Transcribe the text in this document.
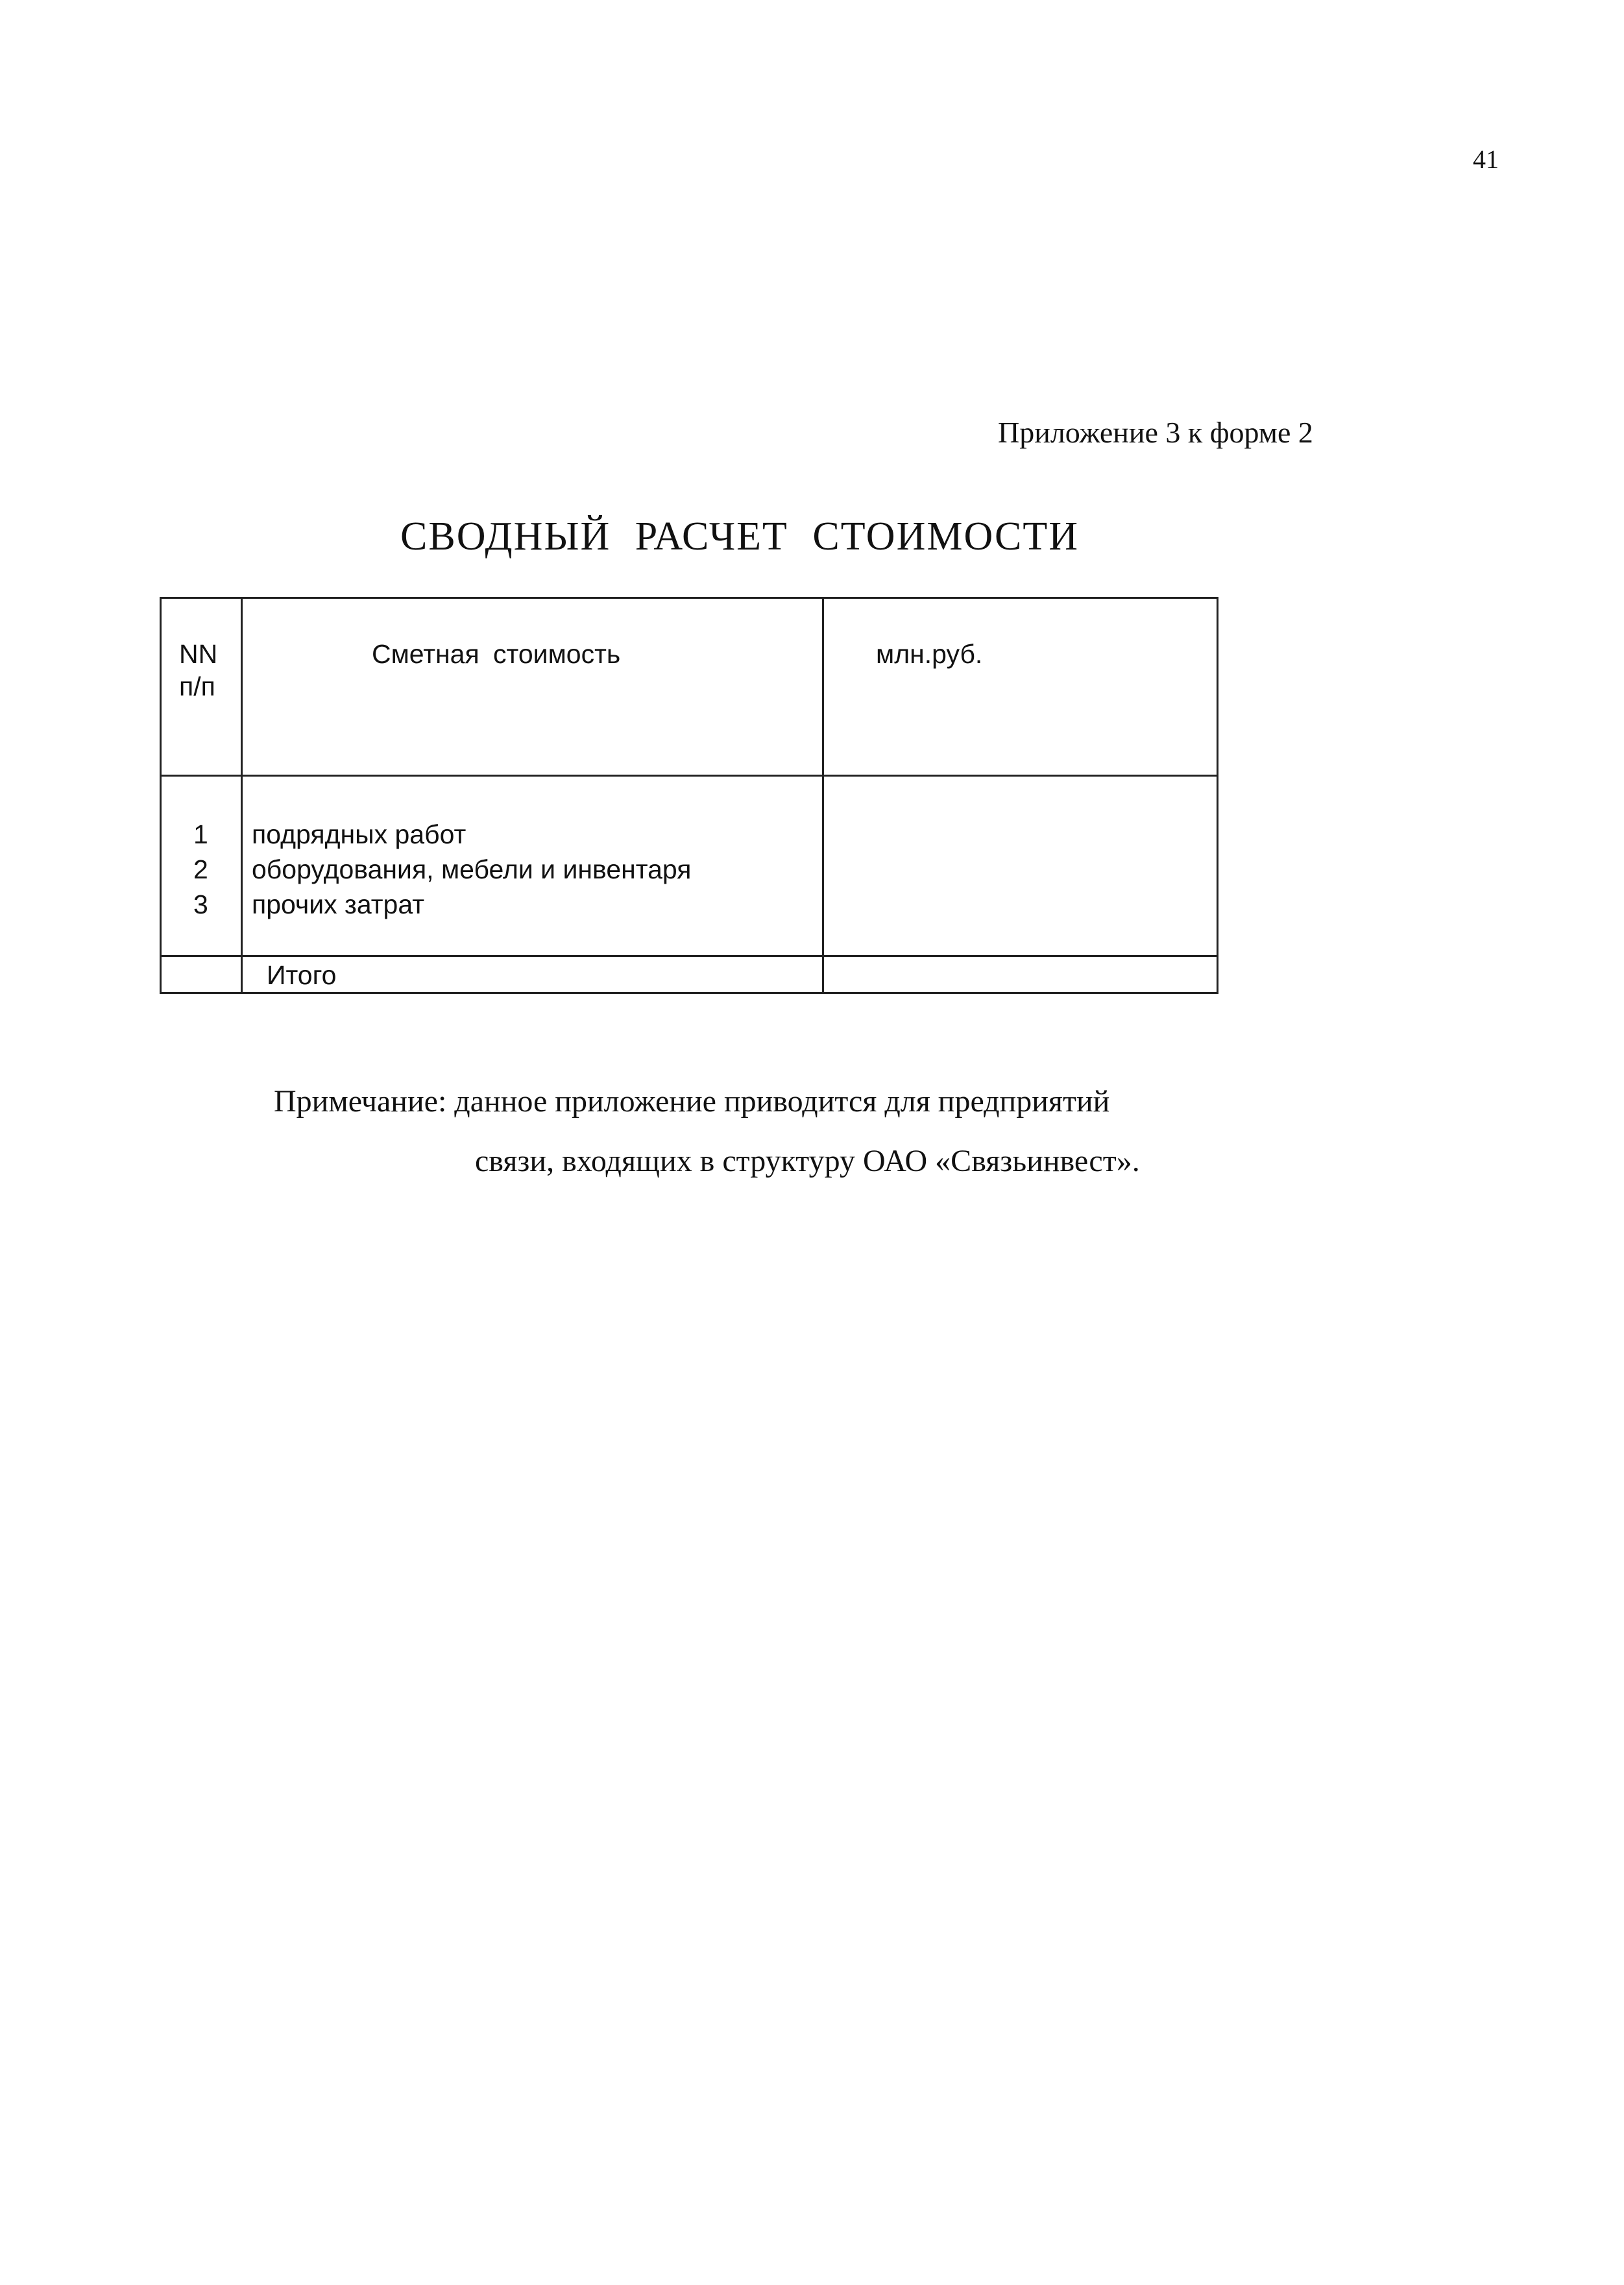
41
Приложение 3 к форме 2
СВОДНЫЙ РАСЧЕТ СТОИМОСТИ
NN
п/п
Сметная стоимость	млн.руб.
1 подрядных работ
2 оборудования, мебели и инвентаря
3 прочих затрат
Итого
Примечание: данное приложение приводится для предприятий
связи, входящих в структуру ОАО «Связьинвест».
